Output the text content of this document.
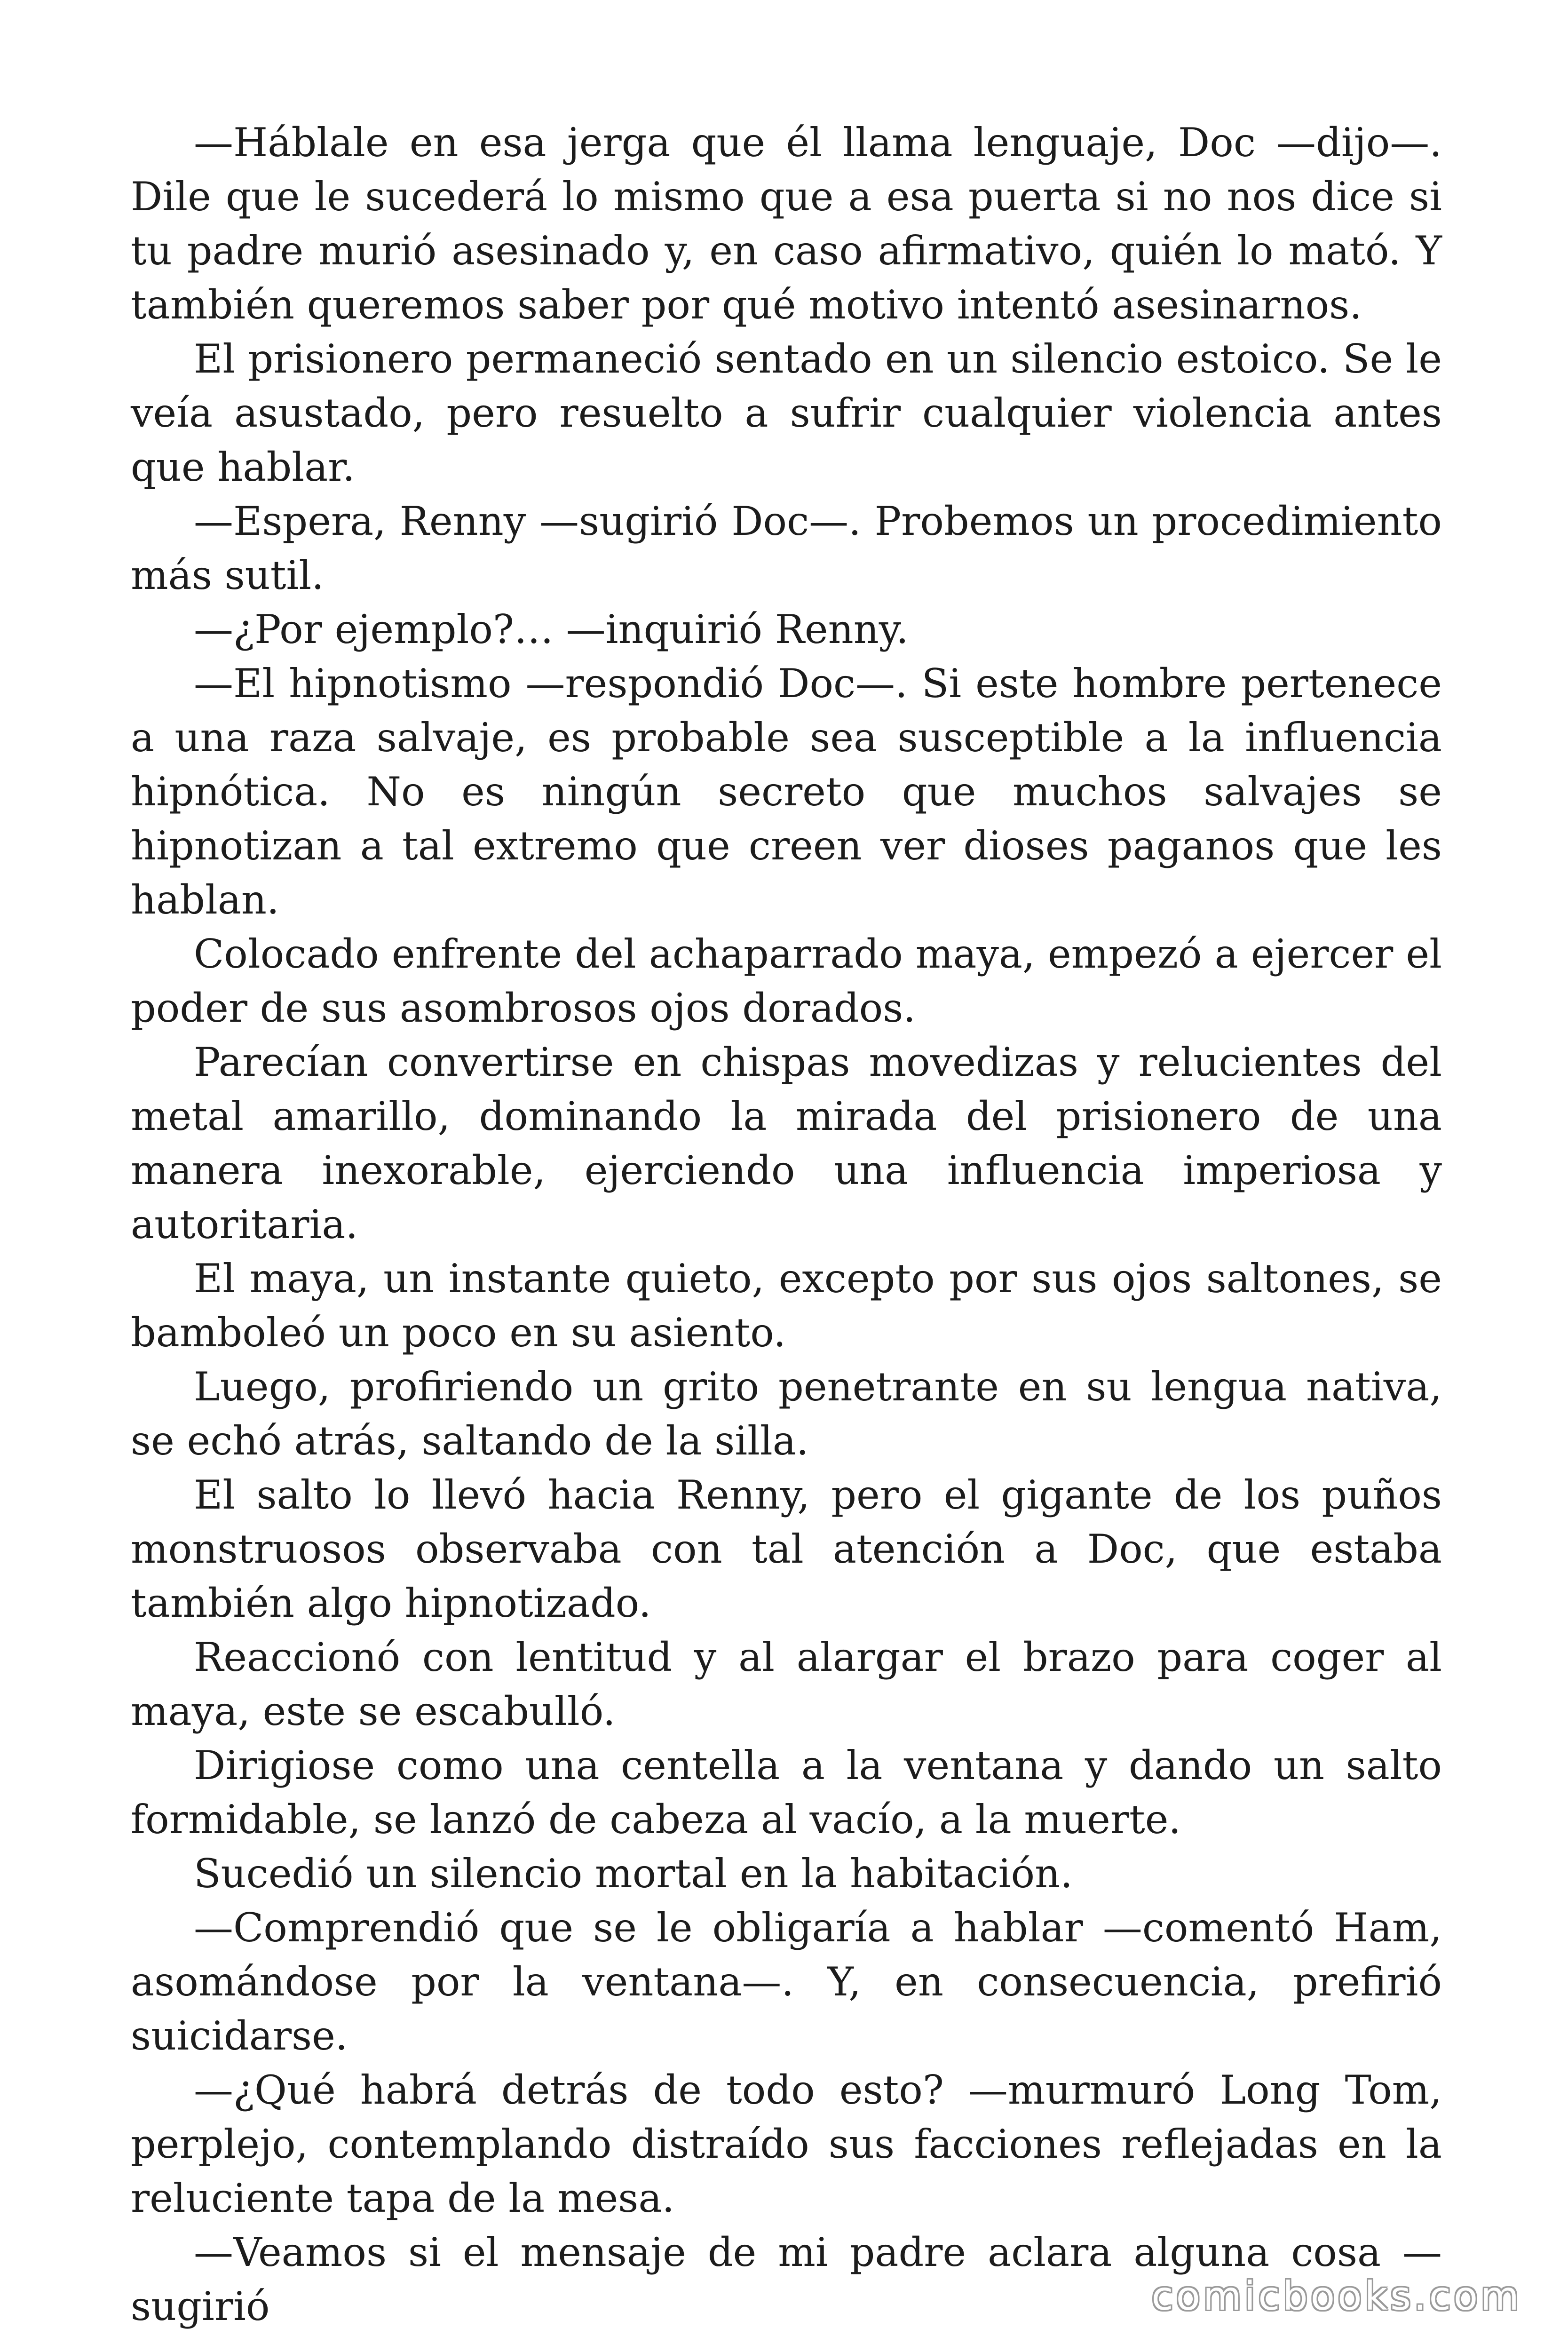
—Háblale en esa jerga que él llama lenguaje, Doc —dijo—. Dile que le sucederá lo mismo que a esa puerta si no nos dice si tu padre murió asesinado y, en caso afirmativo, quién lo mató. Y también queremos saber por qué motivo intentó asesinarnos.

El prisionero permaneció sentado en un silencio estoico. Se le veía asustado, pero resuelto a sufrir cualquier violencia antes que hablar.

—Espera, Renny —sugirió Doc—. Probemos un procedimiento más sutil.

—¿Por ejemplo?… —inquirió Renny.

—El hipnotismo —respondió Doc—. Si este hombre pertenece a una raza salvaje, es probable sea susceptible a la influencia hipnótica. No es ningún secreto que muchos salvajes se hipnotizan a tal extremo que creen ver dioses paganos que les hablan.

Colocado enfrente del achaparrado maya, empezó a ejercer el poder de sus asombrosos ojos dorados.

Parecían convertirse en chispas movedizas y relucientes del metal amarillo, dominando la mirada del prisionero de una manera inexorable, ejerciendo una influencia imperiosa y autoritaria.

El maya, un instante quieto, excepto por sus ojos saltones, se bamboleó un poco en su asiento.

Luego, profiriendo un grito penetrante en su lengua nativa, se echó atrás, saltando de la silla.

El salto lo llevó hacia Renny, pero el gigante de los puños monstruosos observaba con tal atención a Doc, que estaba también algo hipnotizado.

Reaccionó con lentitud y al alargar el brazo para coger al maya, este se escabulló.

Dirigiose como una centella a la ventana y dando un salto formidable, se lanzó de cabeza al vacío, a la muerte.

Sucedió un silencio mortal en la habitación.

—Comprendió que se le obligaría a hablar —comentó Ham, asomándose por la ventana—. Y, en consecuencia, prefirió suicidarse.

—¿Qué habrá detrás de todo esto? —murmuró Long Tom, perplejo, contemplando distraído sus facciones reflejadas en la reluciente tapa de la mesa.

—Veamos si el mensaje de mi padre aclara alguna cosa —sugirió	comicbooks.com
